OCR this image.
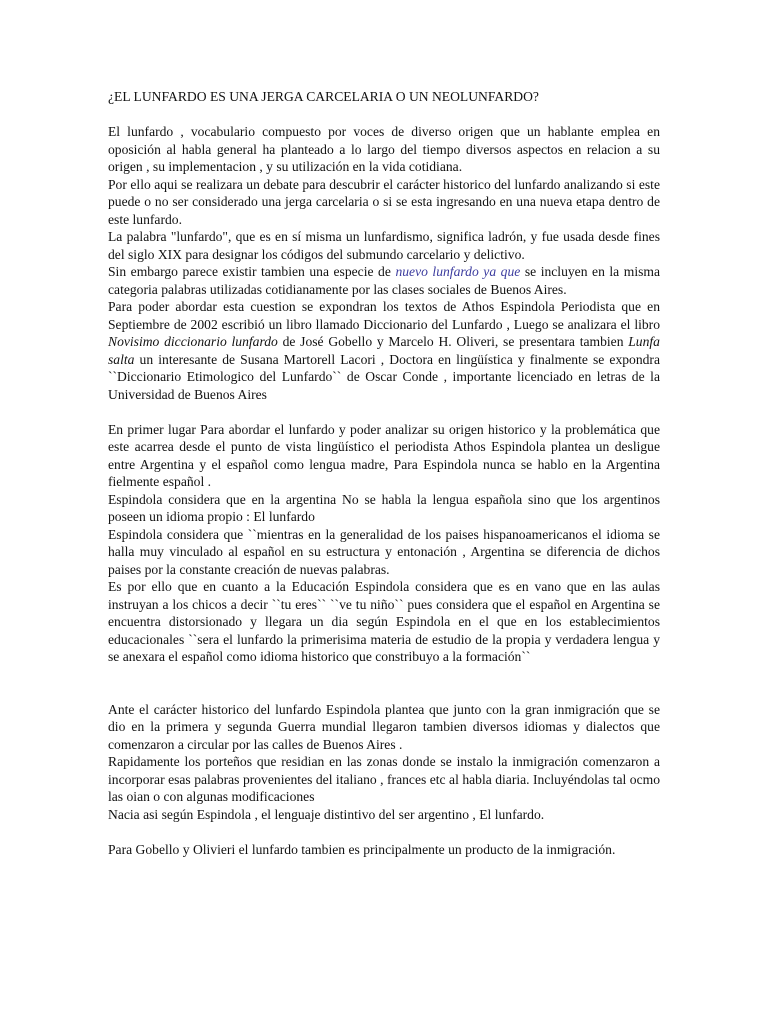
¿EL LUNFARDO ES UNA JERGA CARCELARIA O UN NEOLUNFARDO?

El lunfardo , vocabulario compuesto por voces de diverso origen que un hablante emplea en oposición al habla general ha planteado a lo largo del tiempo diversos aspectos en relacion a su origen , su implementacion , y su utilización en la vida cotidiana.

Por ello aqui se realizara un debate para descubrir el carácter historico del lunfardo analizando si este puede o no ser considerado una jerga carcelaria o si se esta ingresando en una nueva etapa dentro de este lunfardo.

La palabra "lunfardo", que es en sí misma un lunfardismo, significa ladrón, y fue usada desde fines del siglo XIX para designar los códigos del submundo carcelario y delictivo.

Sin embargo parece existir tambien una especie de nuevo lunfardo ya que se incluyen en la misma categoria palabras utilizadas cotidianamente por las clases sociales de Buenos Aires.

Para poder abordar esta cuestion se expondran los textos de Athos Espindola Periodista que en Septiembre de 2002 escribió un libro llamado Diccionario del Lunfardo , Luego se analizara el libro Novisimo diccionario lunfardo de José Gobello y Marcelo H. Oliveri, se presentara tambien Lunfa salta un interesante de Susana Martorell Lacori , Doctora en lingüística y finalmente se expondra ``Diccionario Etimologico del Lunfardo`` de Oscar Conde , importante licenciado en letras de la Universidad de Buenos Aires

En primer lugar Para abordar el lunfardo y poder analizar su origen historico y la problemática que este acarrea desde el punto de vista lingüístico el periodista Athos Espindola plantea un desligue entre Argentina y el español como lengua madre, Para Espindola nunca se hablo en la Argentina fielmente español .

Espindola considera que en la argentina No se habla la lengua española sino que los argentinos poseen un idioma propio : El lunfardo

Espindola considera que ``mientras en la generalidad de los paises hispanoamericanos el idioma se halla muy vinculado al español en su estructura y entonación , Argentina se diferencia de dichos paises por la constante creación de nuevas palabras.

Es por ello que en cuanto a la Educación Espindola considera que es en vano que en las aulas instruyan a los chicos a decir ``tu eres`` ``ve tu niño`` pues considera que el español en Argentina se encuentra distorsionado y llegara un dia según Espindola en el que en los establecimientos educacionales ``sera el lunfardo la primerisima materia de estudio de la propia y verdadera lengua y se anexara el español como idioma historico que constribuyo a la formación``

Ante el carácter historico del lunfardo Espindola plantea que junto con la gran inmigración que se dio en la primera y segunda Guerra mundial llegaron tambien diversos idiomas y dialectos que comenzaron a circular por las calles de Buenos Aires .

Rapidamente los porteños que residian en las zonas donde se instalo la inmigración comenzaron a incorporar esas palabras provenientes del italiano , frances etc al habla diaria. Incluyéndolas tal ocmo las oian o con algunas modificaciones

Nacia asi según Espindola , el lenguaje distintivo del ser argentino , El lunfardo.

Para Gobello y Olivieri el lunfardo tambien es principalmente un producto de la inmigración.
